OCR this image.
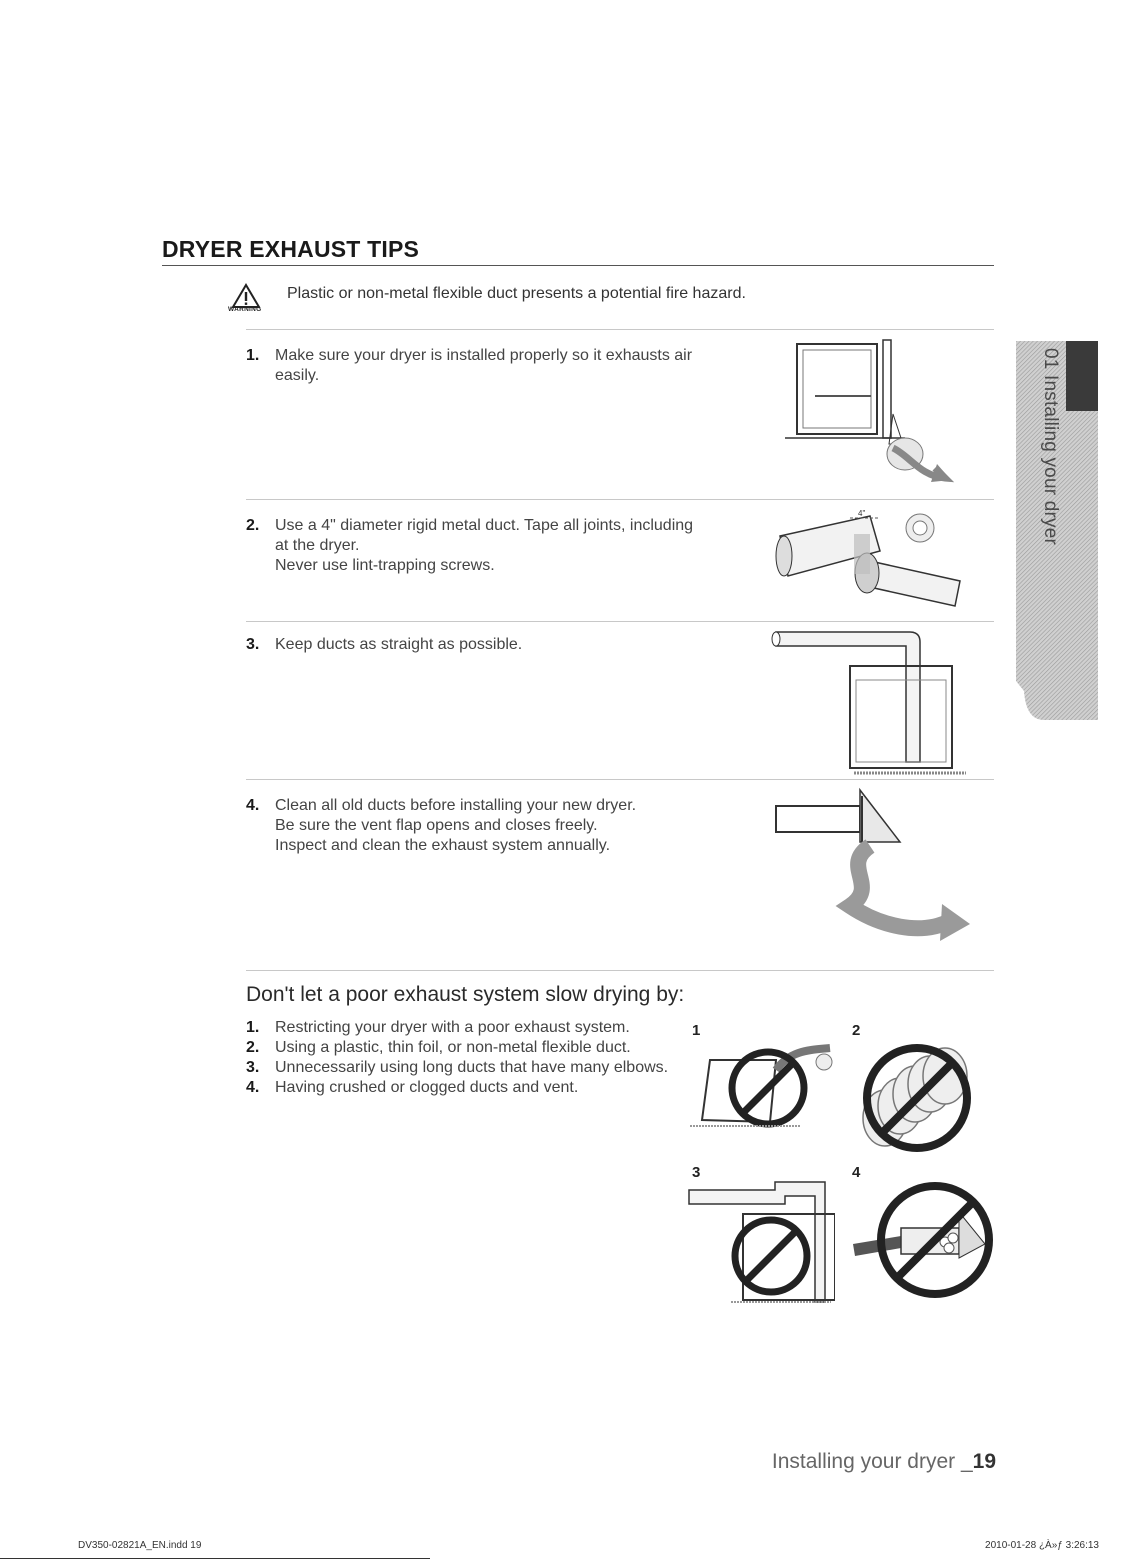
DRYER EXHAUST TIPS
WARNING
Plastic or non-metal flexible duct presents a potential fire hazard.
1. Make sure your dryer is installed properly so it exhausts air
easily.
2. Use a 4" diameter rigid metal duct. Tape all joints, including
at the dryer.
Never use lint-trapping screws.
4"
3. Keep ducts as straight as possible.
4. Clean all old ducts before installing your new dryer.
Be sure the vent flap opens and closes freely.
Inspect and clean the exhaust system annually.
Don't let a poor exhaust system slow drying by:
1. Restricting your dryer with a poor exhaust system.
2. Using a plastic, thin foil, or non-metal flexible duct.
3. Unnecessarily using long ducts that have many elbows.
4. Having crushed or clogged ducts and vent.
1	2
3	4
01 Installing your dryer
Installing your dryer _19
DV350-02821A_EN.indd 19	2010-01-28 ¿À»ƒ 3:26:13
